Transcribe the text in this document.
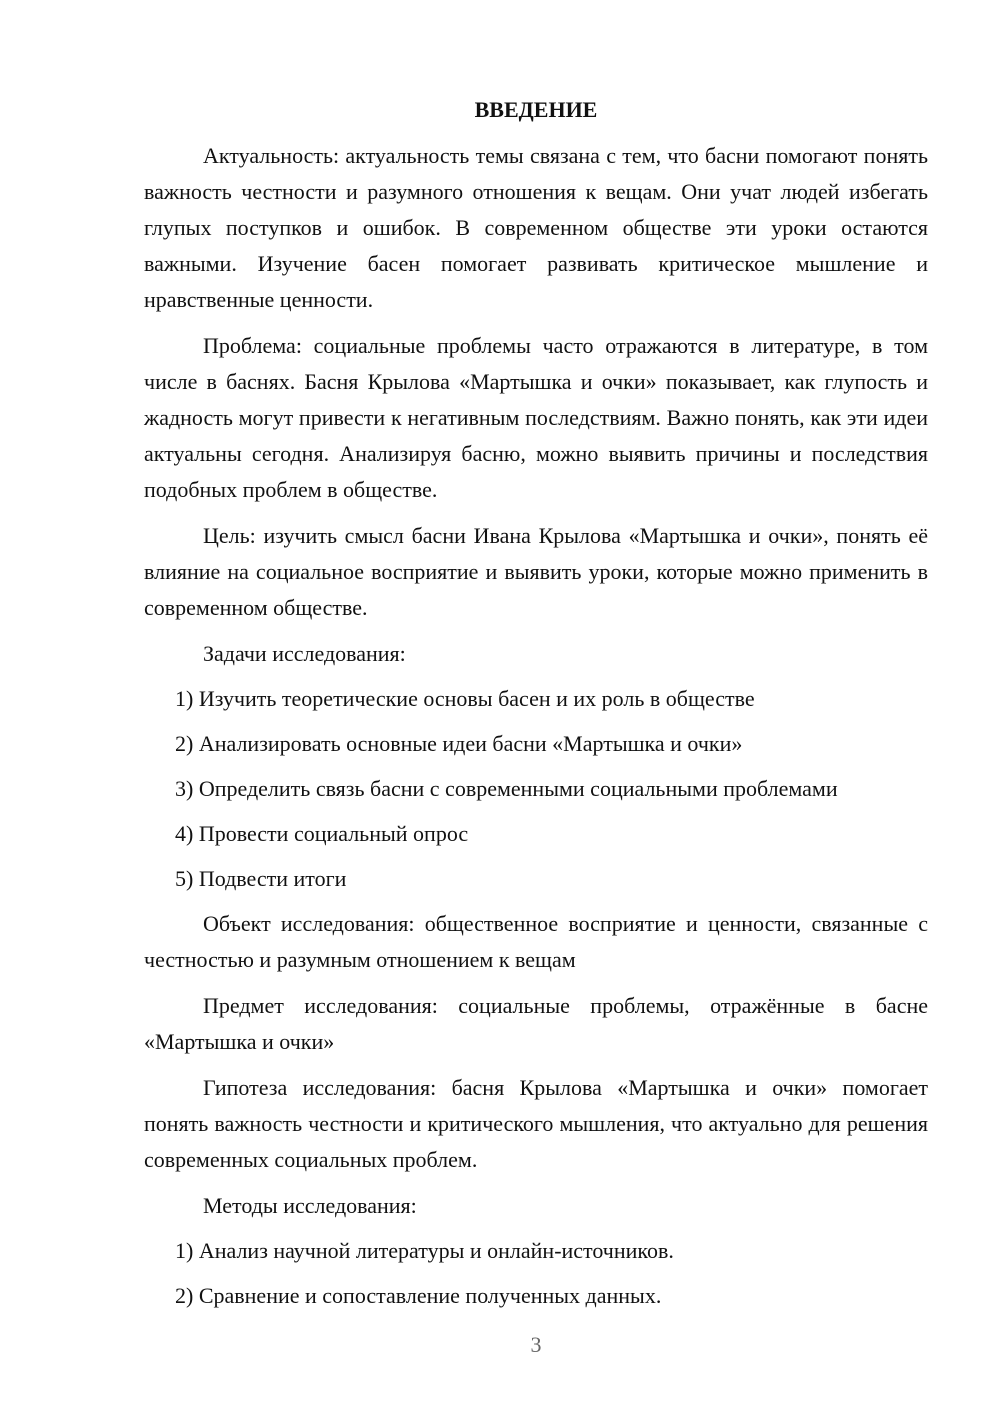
ВВЕДЕНИЕ

Актуальность: актуальность темы связана с тем, что басни помогают понять важность честности и разумного отношения к вещам. Они учат людей избегать глупых поступков и ошибок. В современном обществе эти уроки остаются важными. Изучение басен помогает развивать критическое мышление и нравственные ценности.

Проблема: социальные проблемы часто отражаются в литературе, в том числе в баснях. Басня Крылова «Мартышка и очки» показывает, как глупость и жадность могут привести к негативным последствиям. Важно понять, как эти идеи актуальны сегодня. Анализируя басню, можно выявить причины и последствия подобных проблем в обществе.

Цель: изучить смысл басни Ивана Крылова «Мартышка и очки», понять её влияние на социальное восприятие и выявить уроки, которые можно применить в современном обществе.

Задачи исследования:

1) Изучить теоретические основы басен и их роль в обществе

2) Анализировать основные идеи басни «Мартышка и очки»

3) Определить связь басни с современными социальными проблемами

4) Провести социальный опрос

5) Подвести итоги

Объект исследования: общественное восприятие и ценности, связанные с честностью и разумным отношением к вещам

Предмет исследования: социальные проблемы, отражённые в басне «Мартышка и очки»

Гипотеза исследования: басня Крылова «Мартышка и очки» помогает понять важность честности и критического мышления, что актуально для решения современных социальных проблем.

Методы исследования:

1) Анализ научной литературы и онлайн-источников.

2) Сравнение и сопоставление полученных данных.

3
